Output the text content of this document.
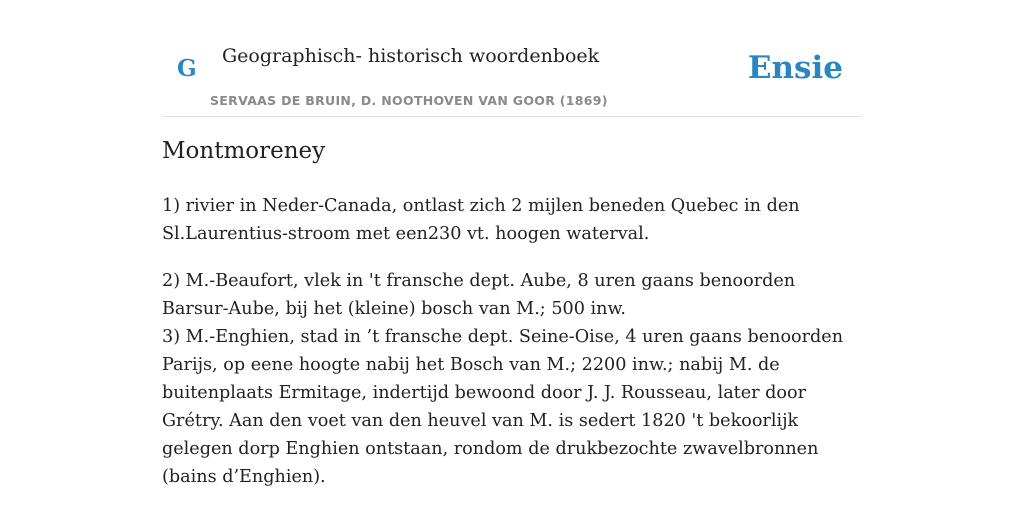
G Geographisch- historisch woordenboek
SERVAAS DE BRUIN, D. NOOTHOVEN VAN GOOR (1869)
Ensie
Montmoreney

1) rivier in Neder-Canada, ontlast zich 2 mijlen beneden Quebec in den Sl.Laurentius-stroom met een230 vt. hoogen waterval.

2) M.-Beaufort, vlek in 't fransche dept. Aube, 8 uren gaans benoorden Barsur-Aube, bij het (kleine) bosch van M.; 500 inw.

3) M.-Enghien, stad in ’t fransche dept. Seine-Oise, 4 uren gaans benoorden Parijs, op eene hoogte nabij het Bosch van M.; 2200 inw.; nabij M. de buitenplaats Ermitage, indertijd bewoond door J. J. Rousseau, later door Grétry. Aan den voet van den heuvel van M. is sedert 1820 't bekoorlijk gelegen dorp Enghien ontstaan, rondom de drukbezochte zwavelbronnen (bains d’Enghien).
